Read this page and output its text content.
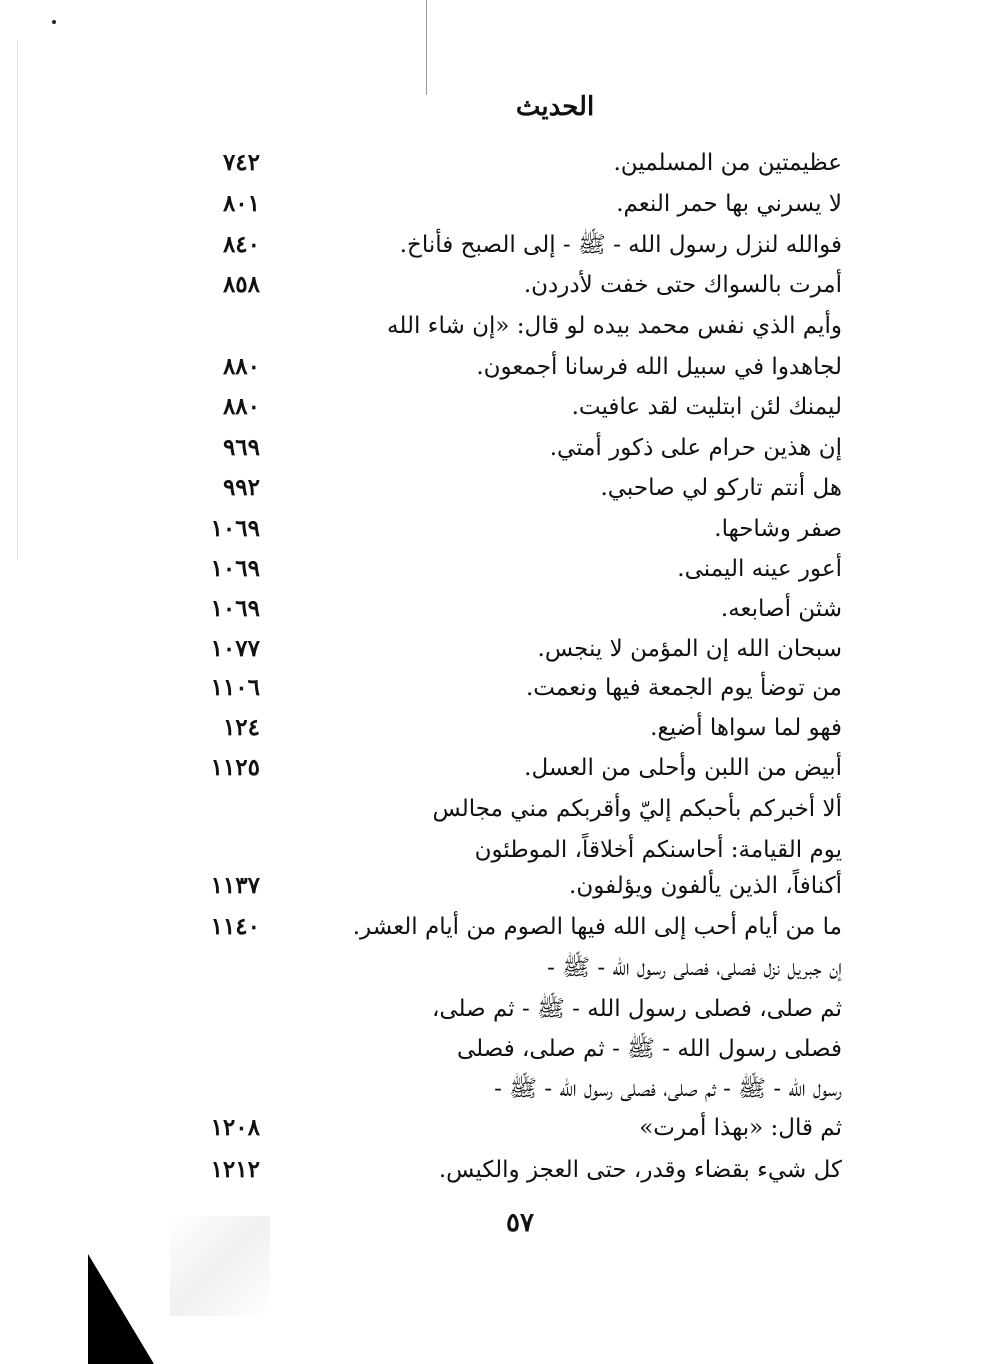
الحديث
عظيمتين من المسلمين.
٧٤٢
لا يسرني بها حمر النعم.
٨٠١
فوالله لنزل رسول الله - ﷺ - إلى الصبح فأناخ.
٨٤٠
أمرت بالسواك حتى خفت لأدردن.
٨٥٨
وأيم الذي نفس محمد بيده لو قال: «إن شاء الله
لجاهدوا في سبيل الله فرسانا أجمعون.
٨٨٠
ليمنك لئن ابتليت لقد عافيت.
٨٨٠
إن هذين حرام على ذكور أمتي.
٩٦٩
هل أنتم تاركو لي صاحبي.
٩٩٢
صفر وشاحها.
١٠٦٩
أعور عينه اليمنى.
١٠٦٩
شثن أصابعه.
١٠٦٩
سبحان الله إن المؤمن لا ينجس.
١٠٧٧
من توضأ يوم الجمعة فيها ونعمت.
١١٠٦
فهو لما سواها أضيع.
١٢٤
أبيض من اللبن وأحلى من العسل.
١١٢٥
ألا أخبركم بأحبكم إليّ وأقربكم مني مجالس
يوم القيامة: أحاسنكم أخلاقاً، الموطئون
أكنافاً، الذين يألفون ويؤلفون.
١١٣٧
ما من أيام أحب إلى الله فيها الصوم من أيام العشر.
١١٤٠
إن جبريل نزل فصلى، فصلى رسول الله - ﷺ -
ثم صلى، فصلى رسول الله - ﷺ - ثم صلى،
فصلى رسول الله - ﷺ - ثم صلى، فصلى
رسول الله - ﷺ - ثم صلى، فصلى رسول الله - ﷺ -
ثم قال: «بهذا أمرت»
١٢٠٨
كل شيء بقضاء وقدر، حتى العجز والكيس.
١٢١٢
٥٧
